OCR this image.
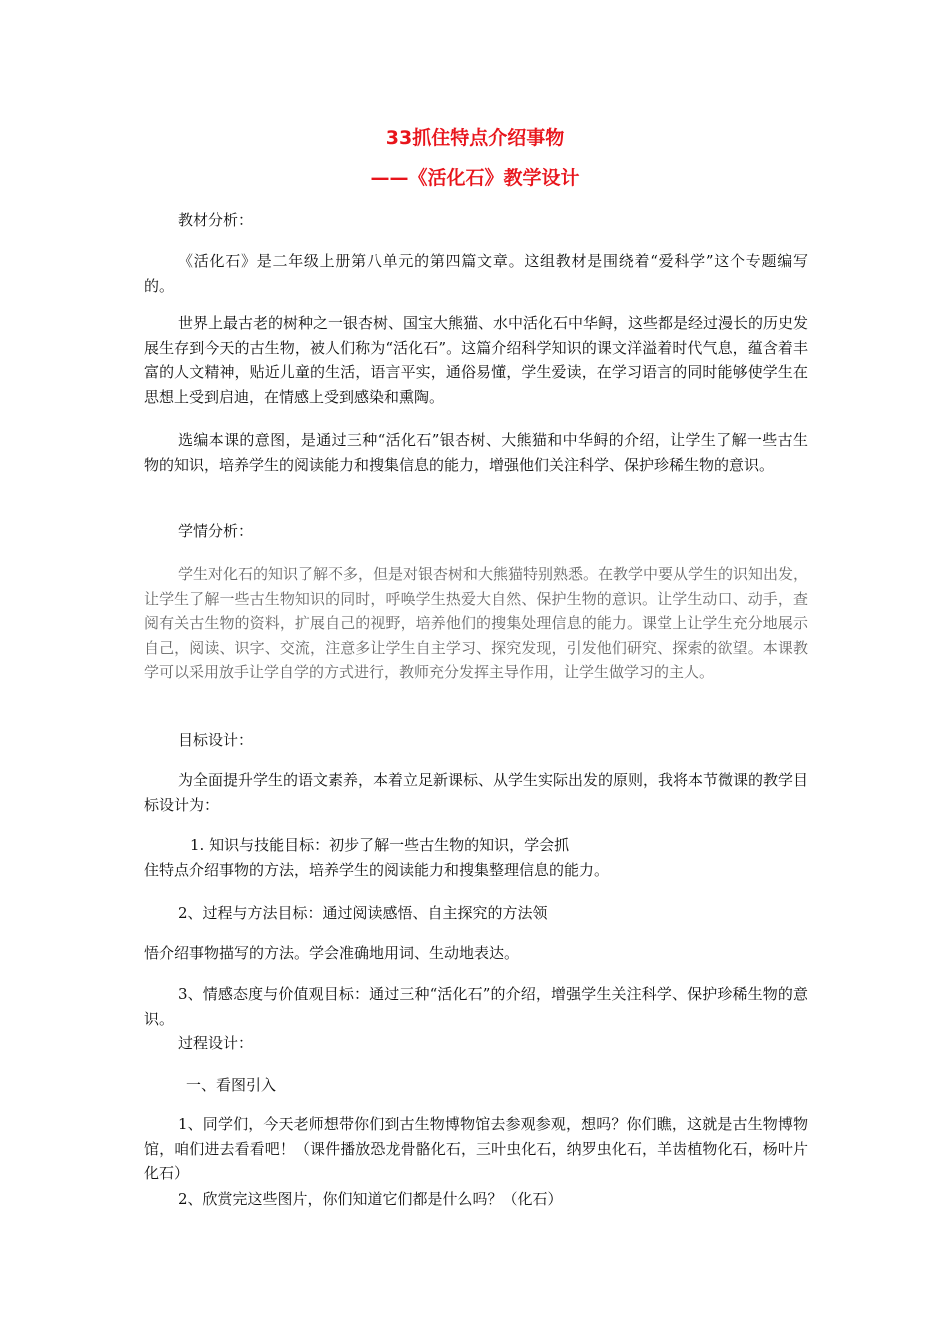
33抓住特点介绍事物
——《活化石》教学设计
教材分析：
《活化石》是二年级上册第八单元的第四篇文章。这组教材是围绕着“爱科学”这个专题编写的。
世界上最古老的树种之一银杏树、国宝大熊猫、水中活化石中华鲟，这些都是经过漫长的历史发展生存到今天的古生物，被人们称为“活化石”。这篇介绍科学知识的课文洋溢着时代气息，蕴含着丰富的人文精神，贴近儿童的生活，语言平实，通俗易懂，学生爱读，在学习语言的同时能够使学生在思想上受到启迪，在情感上受到感染和熏陶。
选编本课的意图，是通过三种“活化石”银杏树、大熊猫和中华鲟的介绍，让学生了解一些古生物的知识，培养学生的阅读能力和搜集信息的能力，增强他们关注科学、保护珍稀生物的意识。
学情分析：
学生对化石的知识了解不多，但是对银杏树和大熊猫特别熟悉。在教学中要从学生的识知出发，让学生了解一些古生物知识的同时，呼唤学生热爱大自然、保护生物的意识。让学生动口、动手，查阅有关古生物的资料，扩展自己的视野，培养他们的搜集处理信息的能力。课堂上让学生充分地展示自己，阅读、识字、交流，注意多让学生自主学习、探究发现，引发他们研究、探索的欲望。本课教学可以采用放手让学自学的方式进行，教师充分发挥主导作用，让学生做学习的主人。
目标设计：
为全面提升学生的语文素养，本着立足新课标、从学生实际出发的原则，我将本节微课的教学目标设计为：
1. 知识与技能目标：初步了解一些古生物的知识，学会抓
住特点介绍事物的方法，培养学生的阅读能力和搜集整理信息的能力。
2、过程与方法目标：通过阅读感悟、自主探究的方法领
悟介绍事物描写的方法。学会准确地用词、生动地表达。
3、情感态度与价值观目标：通过三种“活化石”的介绍，增强学生关注科学、保护珍稀生物的意识。
过程设计：
一、看图引入
1、同学们，今天老师想带你们到古生物博物馆去参观参观，想吗？你们瞧，这就是古生物博物馆，咱们进去看看吧！（课件播放恐龙骨骼化石，三叶虫化石，纳罗虫化石，羊齿植物化石，杨叶片化石）
2、欣赏完这些图片，你们知道它们都是什么吗？（化石）
